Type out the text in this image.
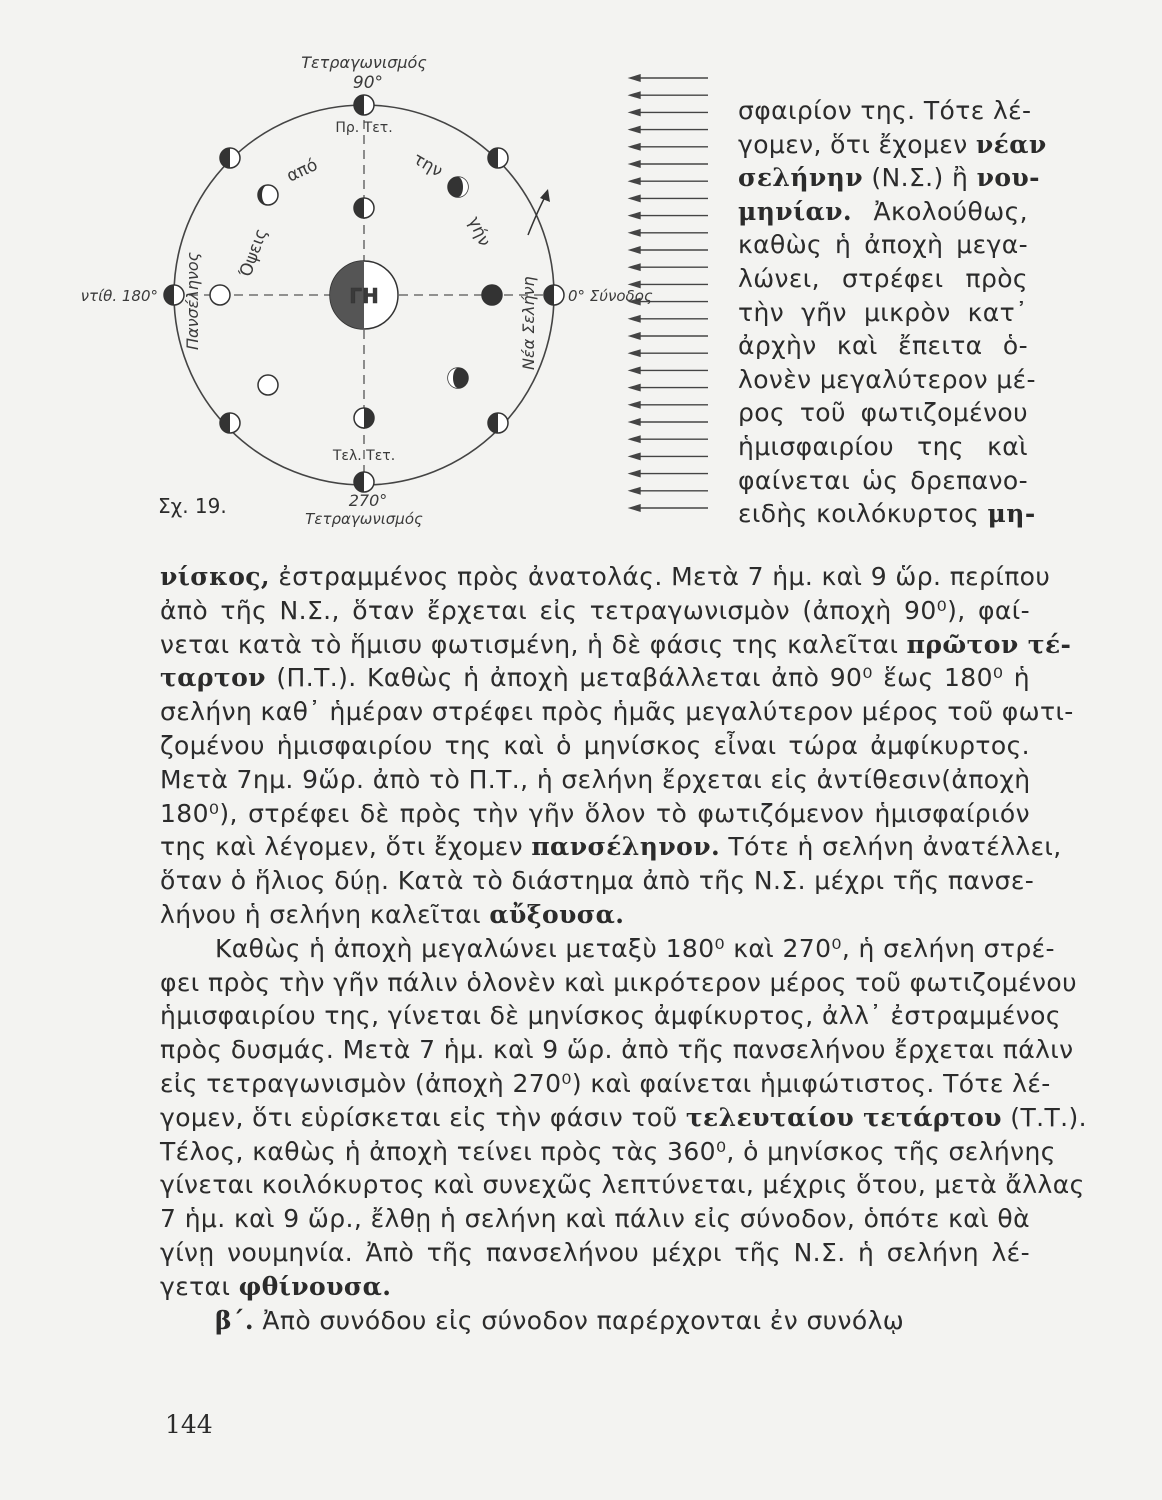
ΓΗ
Τετραγωνισμός
90°
Πρ. Τετ.
Τελ. Τετ.
270°
Τετραγωνισμός
ντίθ. 180°	0° Σύνοδος
Πανσέληνος	Νέα Σελήνη
Όψεις
από	την
γήν
Σχ. 19.
σφαιρίον της. Τότε λέ-
γομεν, ὅτι ἔχομεν νέαν
σελήνην (Ν.Σ.) ἢ νου-
μηνίαν. Ἀκολούθως,
καθὼς ἡ ἀποχὴ μεγα-
λώνει, στρέφει πρὸς
τὴν γῆν μικρὸν κατ᾽
ἀρχὴν καὶ ἔπειτα ὁ-
λονὲν μεγαλύτερον μέ-
ρος τοῦ φωτιζομένου
ἡμισφαιρίου της καὶ
φαίνεται ὡς δρεπανο-
ειδὴς κοιλόκυρτος μη-
νίσκος, ἐστραμμένος πρὸς ἀνατολάς. Μετὰ 7 ἡμ. καὶ 9 ὥρ. περίπου
ἀπὸ τῆς Ν.Σ., ὅταν ἔρχεται εἰς τετραγωνισμὸν (ἀποχὴ 90⁰), φαί-
νεται κατὰ τὸ ἥμισυ φωτισμένη, ἡ δὲ φάσις της καλεῖται πρῶτον τέ-
ταρτον (Π.Τ.). Καθὼς ἡ ἀποχὴ μεταβάλλεται ἀπὸ 90⁰ ἕως 180⁰ ἡ
σελήνη καθ᾽ ἡμέραν στρέφει πρὸς ἡμᾶς μεγαλύτερον μέρος τοῦ φωτι-
ζομένου ἡμισφαιρίου της καὶ ὁ μηνίσκος εἶναι τώρα ἀμφίκυρτος.
Μετὰ 7ημ. 9ὥρ. ἀπὸ τὸ Π.Τ., ἡ σελήνη ἔρχεται εἰς ἀντίθεσιν(ἀποχὴ
180⁰), στρέφει δὲ πρὸς τὴν γῆν ὅλον τὸ φωτιζόμενον ἡμισφαίριόν
της καὶ λέγομεν, ὅτι ἔχομεν πανσέληνον. Τότε ἡ σελήνη ἀνατέλλει,
ὅταν ὁ ἥλιος δύῃ. Κατὰ τὸ διάστημα ἀπὸ τῆς Ν.Σ. μέχρι τῆς πανσε-
λήνου ἡ σελήνη καλεῖται αὔξουσα.
Καθὼς ἡ ἀποχὴ μεγαλώνει μεταξὺ 180⁰ καὶ 270⁰, ἡ σελήνη στρέ-
φει πρὸς τὴν γῆν πάλιν ὁλονὲν καὶ μικρότερον μέρος τοῦ φωτιζομένου
ἡμισφαιρίου της, γίνεται δὲ μηνίσκος ἀμφίκυρτος, ἀλλ᾽ ἐστραμμένος
πρὸς δυσμάς. Μετὰ 7 ἡμ. καὶ 9 ὥρ. ἀπὸ τῆς πανσελήνου ἔρχεται πάλιν
εἰς τετραγωνισμὸν (ἀποχὴ 270⁰) καὶ φαίνεται ἡμιφώτιστος. Τότε λέ-
γομεν, ὅτι εὑρίσκεται εἰς τὴν φάσιν τοῦ τελευταίου τετάρτου (Τ.Τ.).
Τέλος, καθὼς ἡ ἀποχὴ τείνει πρὸς τὰς 360⁰, ὁ μηνίσκος τῆς σελήνης
γίνεται κοιλόκυρτος καὶ συνεχῶς λεπτύνεται, μέχρις ὅτου, μετὰ ἄλλας
7 ἡμ. καὶ 9 ὥρ., ἔλθῃ ἡ σελήνη καὶ πάλιν εἰς σύνοδον, ὁπότε καὶ θὰ
γίνῃ νουμηνία. Ἀπὸ τῆς πανσελήνου μέχρι τῆς Ν.Σ. ἡ σελήνη λέ-
γεται φθίνουσα.
β΄. Ἀπὸ συνόδου εἰς σύνοδον παρέρχονται ἐν συνόλῳ
144
